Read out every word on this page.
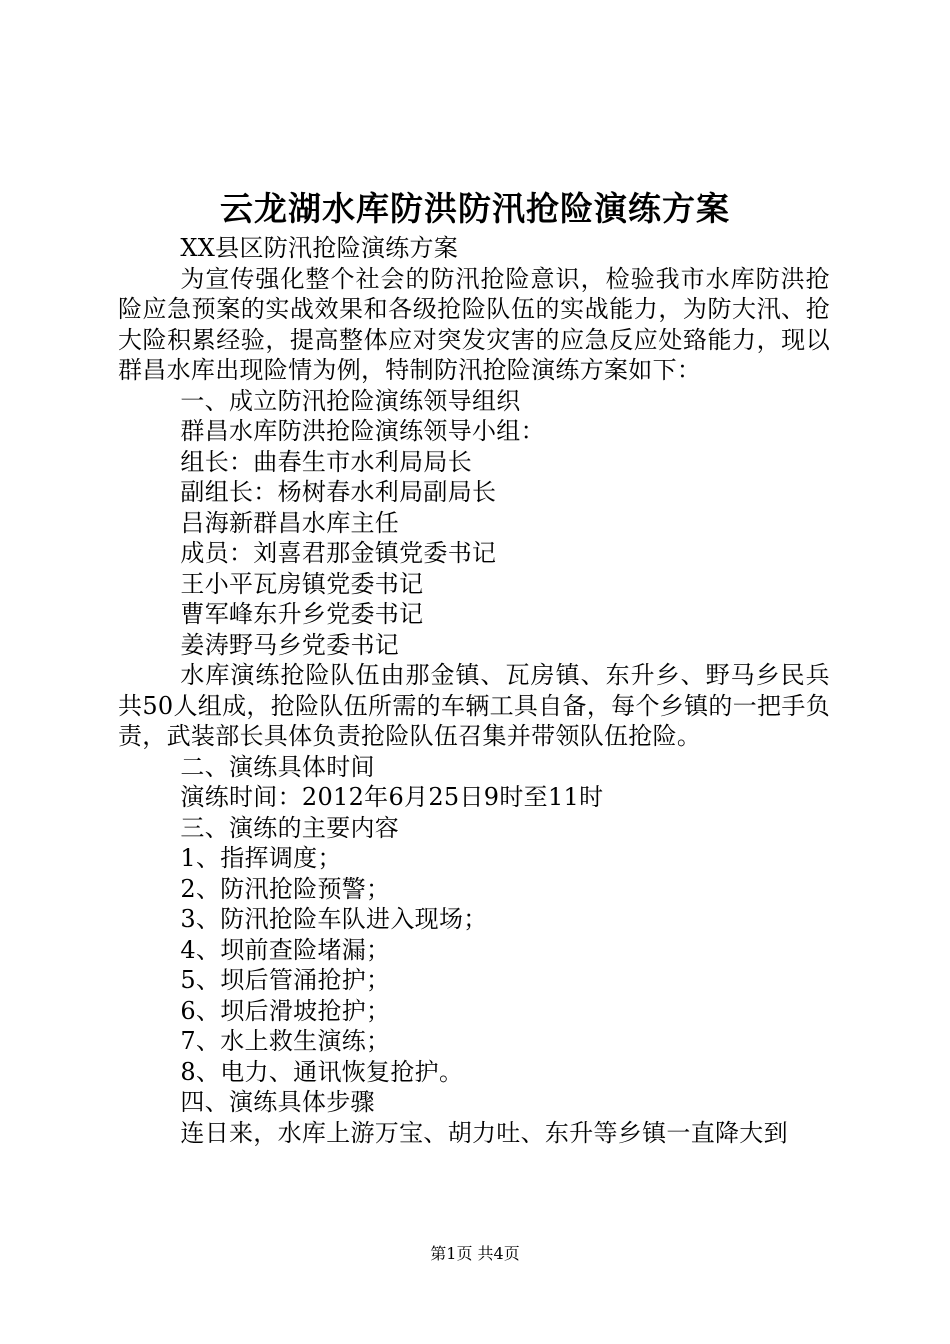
云龙湖水库防洪防汛抢险演练方案

XX县区防汛抢险演练方案

为宣传强化整个社会的防汛抢险意识，检验我市水库防洪抢险应急预案的实战效果和各级抢险队伍的实战能力，为防大汛、抢大险积累经验，提高整体应对突发灾害的应急反应处臵能力，现以群昌水库出现险情为例，特制防汛抢险演练方案如下：

一、成立防汛抢险演练领导组织

群昌水库防洪抢险演练领导小组：

组长：曲春生市水利局局长

副组长：杨树春水利局副局长

吕海新群昌水库主任

成员：刘喜君那金镇党委书记

王小平瓦房镇党委书记

曹军峰东升乡党委书记

姜涛野马乡党委书记

水库演练抢险队伍由那金镇、瓦房镇、东升乡、野马乡民兵共50人组成，抢险队伍所需的车辆工具自备，每个乡镇的一把手负责，武装部长具体负责抢险队伍召集并带领队伍抢险。

二、演练具体时间

演练时间：2012年6月25日9时至11时

三、演练的主要内容

1、指挥调度；

2、防汛抢险预警；

3、防汛抢险车队进入现场；

4、坝前查险堵漏；

5、坝后管涌抢护；

6、坝后滑坡抢护；

7、水上救生演练；

8、电力、通讯恢复抢护。

四、演练具体步骤

连日来，水库上游万宝、胡力吐、东升等乡镇一直降大到

第1页 共4页
